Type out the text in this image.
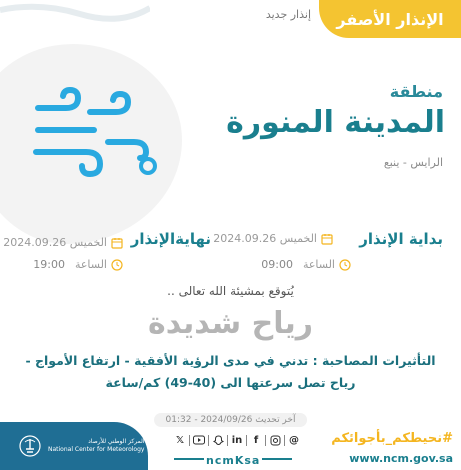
الإنذار الأصفر
إنذار جديد
منطقة
المدينة المنورة
الرايس - ينبع
بداية الإنذار
الخميس 2024.09.26
الساعة
09:00
نهايةالإنذار
الخميس 2024.09.26
الساعة
19:00
يُتوقع بمشيئة الله تعالى ..
رياح شديدة
التأثيرات المصاحبة : تدني في مدى الرؤية الأفقية - ارتفاع الأمواج -
رياح تصل سرعتها الى (40-49) كم/ساعة
آخر تحديث 2024/09/26 - 01:32
المركز الوطني للأرصاد
National Center for Meteorology
𝕏	in	f	@
ncmKsa
#نحيطكم_بأجوائكم
www.ncm.gov.sa
